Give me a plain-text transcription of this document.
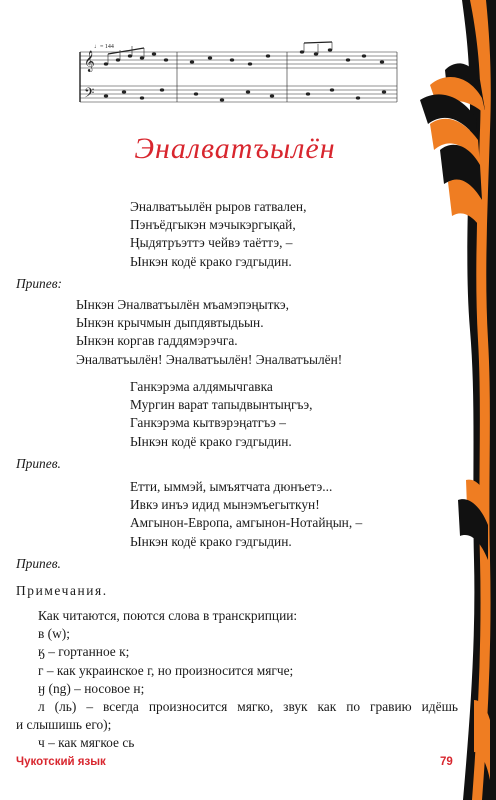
𝄞
𝄢
♩= 144
Эналватъылён
Эналватъылён рырoв гатвален,
Пэнъёдгыкэн мэчыкэргықай,
Ңыдятръэттэ чейвэ таёттэ, –
Ынкэн кодё кракo гэдгыдин.
Припев:
Ынкэн Эналватъылён мъамэпэңыткэ,
Ынкэн крычмын дыпдявтыдьын.
Ынкэн коргав гаддямэрэчга.
Эналватъылён! Эналватъылён! Эналватъылён!
Ганкэрэма алдямычгавка
Мургин варат тапыдвынтыңгъэ,
Ганкэрэма кытвэрэңатгъэ –
Ынкэн кодё кракo гэдгыдин.
Припев.
Етти, ыммэй, ымъятчата дюнъетэ...
Ивкэ инъэ идид мынэмъегыткун!
Амгынон-Европа, амгынон-Нотайңын, –
Ынкэн кодё кракo гэдгыдин.
Припев.
Примечания.
Как читаются, поются слова в транскрипции:
в (w);
ӄ – гортанное к;
г – как украинское г, но произносится мягче;
ӈ (ng) – носовое н;
л (ль) – всегда произносится мягко, звук как по гравию идёшь
и слышишь его);
ч – как мягкое сь
Чукотский язык	79
